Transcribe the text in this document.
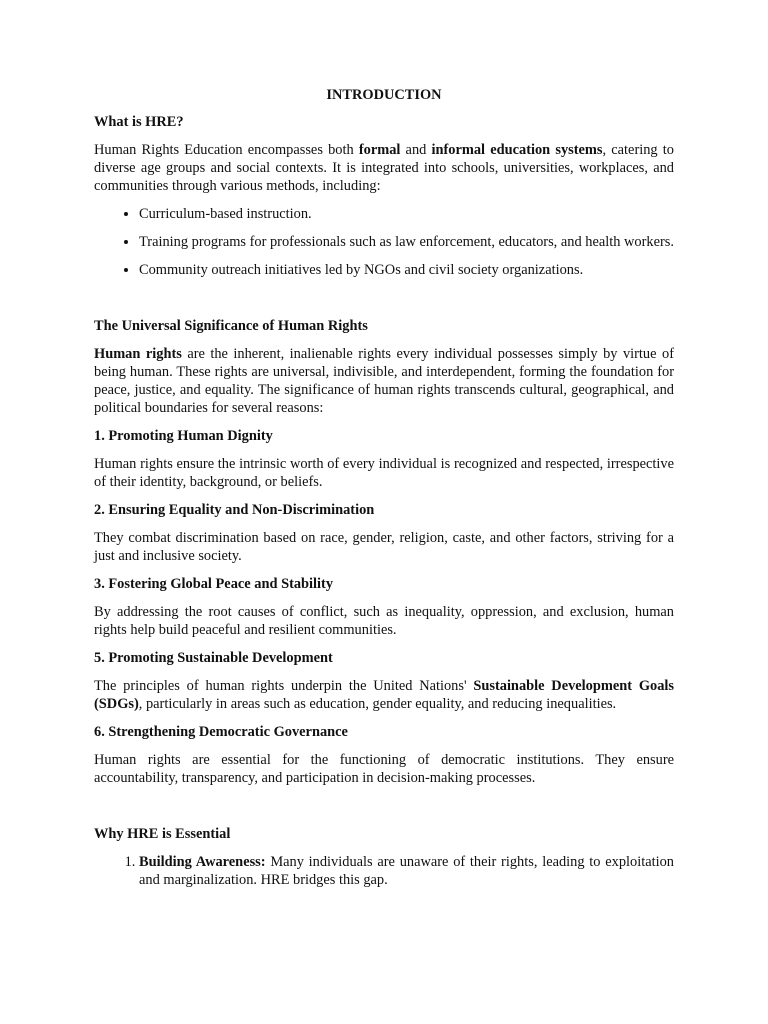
INTRODUCTION
What is HRE?

Human Rights Education encompasses both formal and informal education systems, catering to diverse age groups and social contexts. It is integrated into schools, universities, workplaces, and communities through various methods, including:

• Curriculum-based instruction.
• Training programs for professionals such as law enforcement, educators, and health workers.
• Community outreach initiatives led by NGOs and civil society organizations.
The Universal Significance of Human Rights

Human rights are the inherent, inalienable rights every individual possesses simply by virtue of being human. These rights are universal, indivisible, and interdependent, forming the foundation for peace, justice, and equality. The significance of human rights transcends cultural, geographical, and political boundaries for several reasons:

1. Promoting Human Dignity

Human rights ensure the intrinsic worth of every individual is recognized and respected, irrespective of their identity, background, or beliefs.

2. Ensuring Equality and Non-Discrimination

They combat discrimination based on race, gender, religion, caste, and other factors, striving for a just and inclusive society.

3. Fostering Global Peace and Stability

By addressing the root causes of conflict, such as inequality, oppression, and exclusion, human rights help build peaceful and resilient communities.

5. Promoting Sustainable Development

The principles of human rights underpin the United Nations' Sustainable Development Goals (SDGs), particularly in areas such as education, gender equality, and reducing inequalities.

6. Strengthening Democratic Governance

Human rights are essential for the functioning of democratic institutions. They ensure accountability, transparency, and participation in decision-making processes.

Why HRE is Essential
1. Building Awareness: Many individuals are unaware of their rights, leading to exploitation and marginalization. HRE bridges this gap.
